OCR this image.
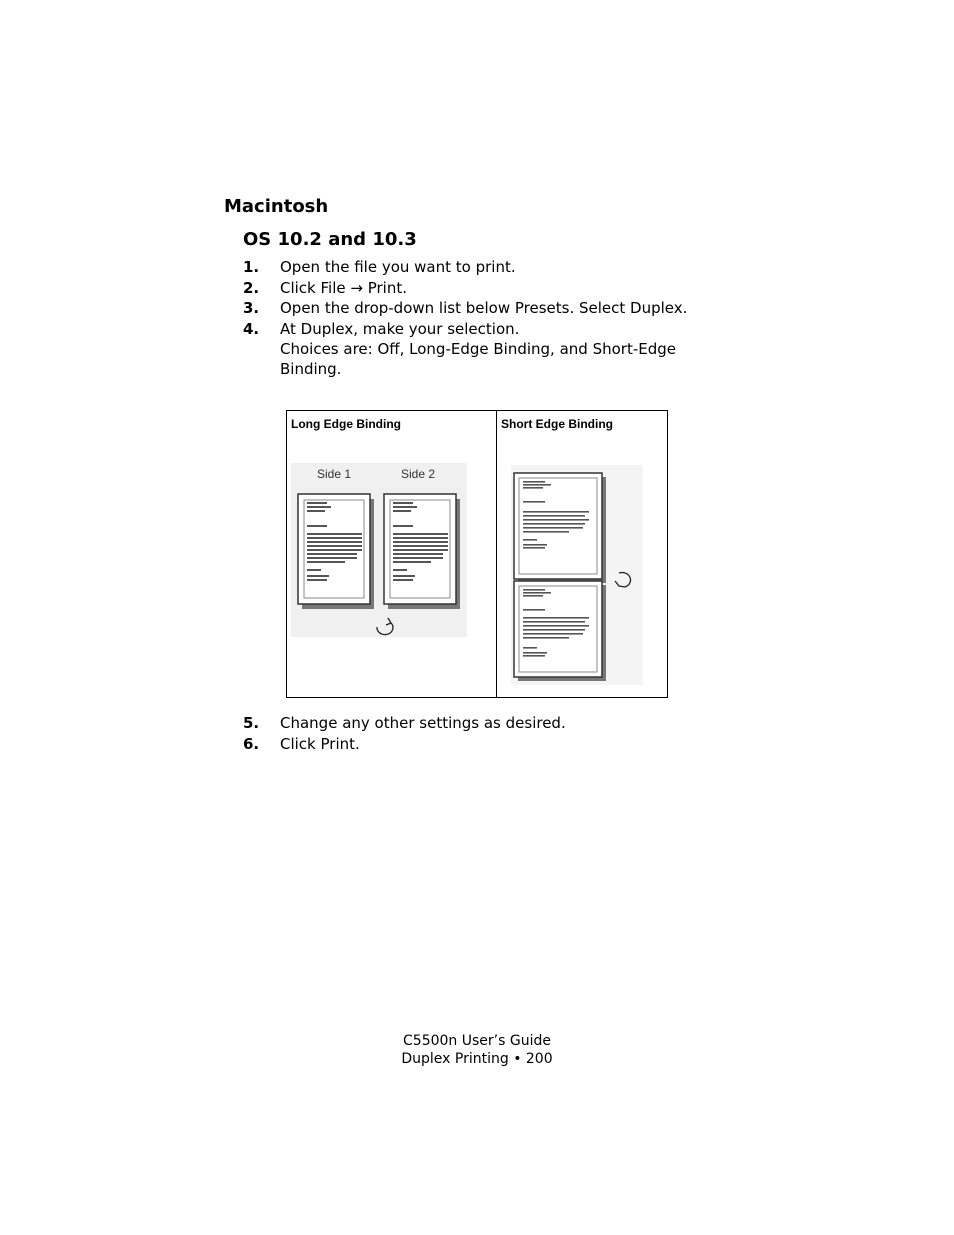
Macintosh
OS 10.2 and 10.3
1. Open the file you want to print.
2. Click File → Print.
3. Open the drop-down list below Presets. Select Duplex.
4. At Duplex, make your selection.
Choices are: Off, Long-Edge Binding, and Short-Edge Binding.
Long Edge Binding
Side 1	Side 2
Short Edge Binding
5. Change any other settings as desired.
6. Click Print.
C5500n User’s Guide
Duplex Printing • 200
